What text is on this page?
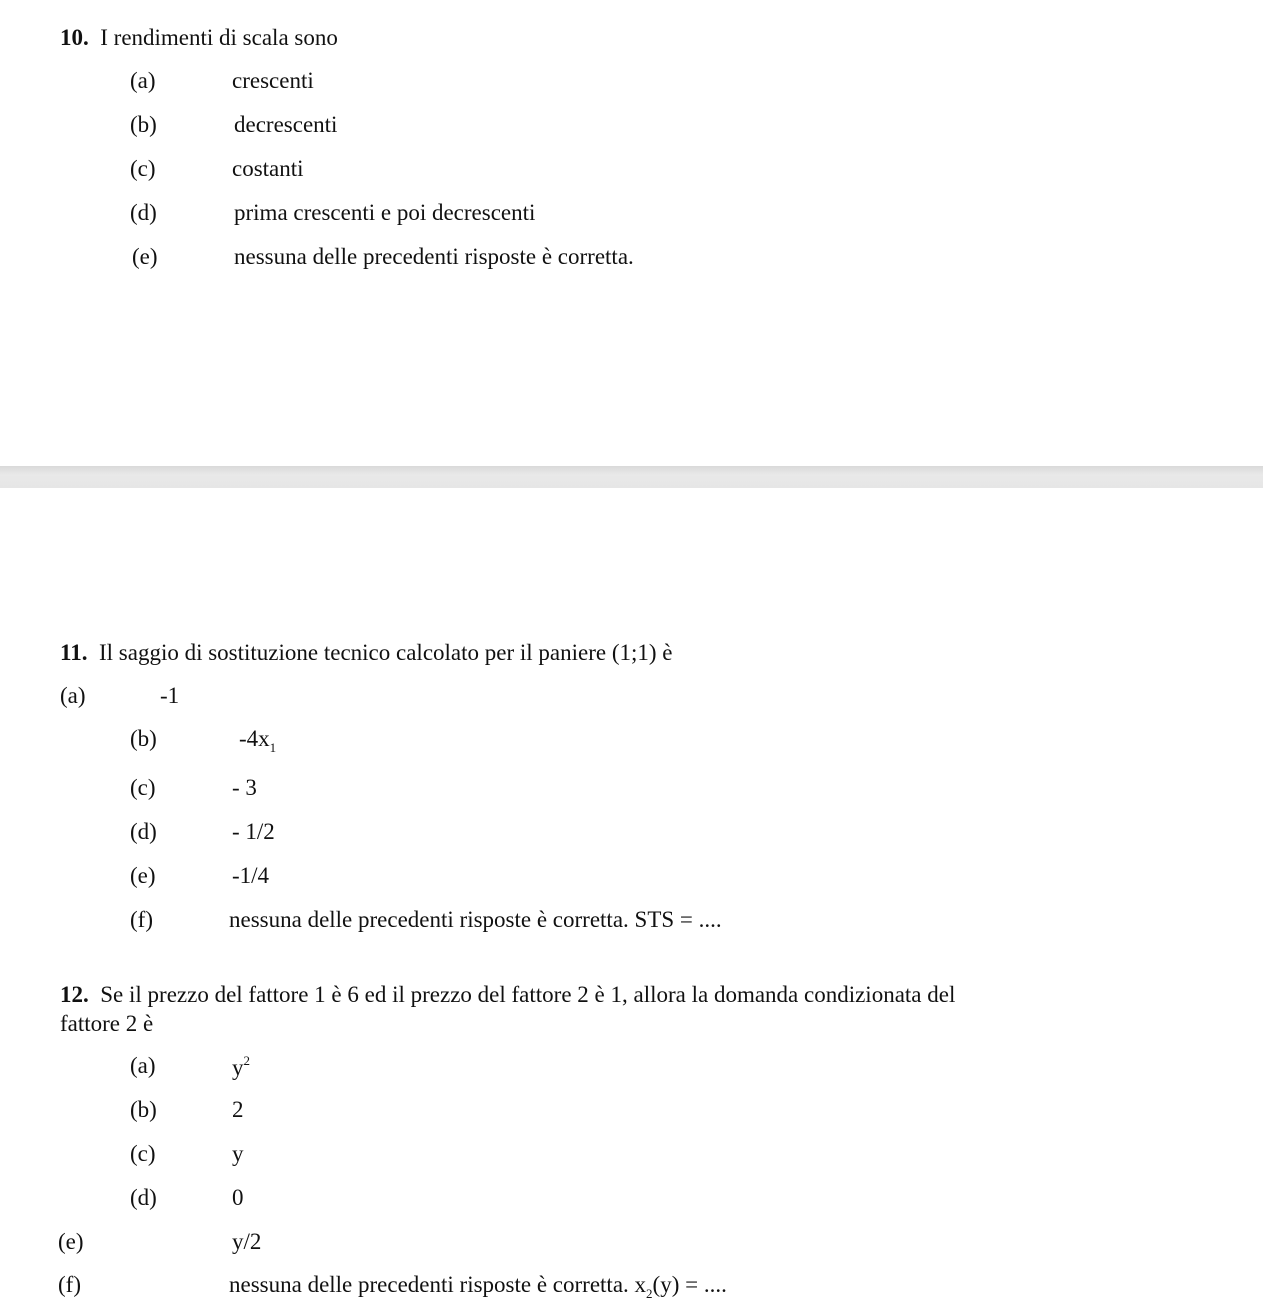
10. I rendimenti di scala sono
(a)	crescenti
(b)	decrescenti
(c)	costanti
(d)	prima crescenti e poi decrescenti
(e)	nessuna delle precedenti risposte è corretta.
11. Il saggio di sostituzione tecnico calcolato per il paniere (1;1) è
(a)	-1
(b)	$-4x_1$
(c)	- 3
(d)	- 1/2
(e)	-1/4
(f)	nessuna delle precedenti risposte è corretta. STS = ....
12. Se il prezzo del fattore 1 è 6 ed il prezzo del fattore 2 è 1, allora la domanda condizionata del
fattore 2 è
(a)	$y^2$
(b)	2
(c)	y
(d)	0
(e)	y/2
(f)	nessuna delle precedenti risposte è corretta. $x_2(y)$ = ....
